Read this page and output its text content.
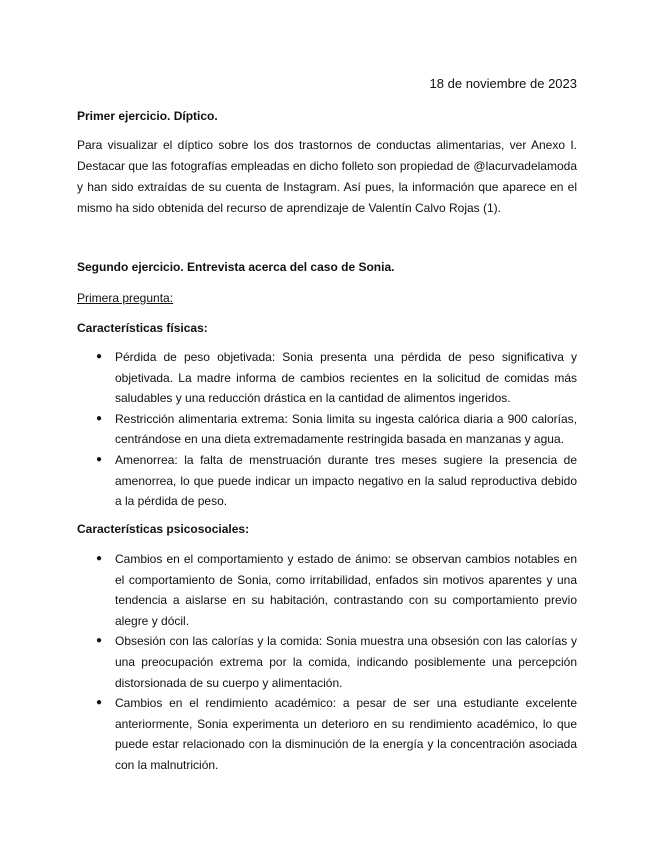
18 de noviembre de 2023
Primer ejercicio. Díptico.
Para visualizar el díptico sobre los dos trastornos de conductas alimentarias, ver Anexo I. Destacar que las fotografías empleadas en dicho folleto son propiedad de @lacurvadelamoda y han sido extraídas de su cuenta de Instagram. Así pues, la información que aparece en el mismo ha sido obtenida del recurso de aprendizaje de Valentín Calvo Rojas (1).
Segundo ejercicio. Entrevista acerca del caso de Sonia.
Primera pregunta:
Características físicas:
● Pérdida de peso objetivada: Sonia presenta una pérdida de peso significativa y objetivada. La madre informa de cambios recientes en la solicitud de comidas más saludables y una reducción drástica en la cantidad de alimentos ingeridos.
● Restricción alimentaria extrema: Sonia limita su ingesta calórica diaria a 900 calorías, centrándose en una dieta extremadamente restringida basada en manzanas y agua.
● Amenorrea: la falta de menstruación durante tres meses sugiere la presencia de amenorrea, lo que puede indicar un impacto negativo en la salud reproductiva debido a la pérdida de peso.
Características psicosociales:
● Cambios en el comportamiento y estado de ánimo: se observan cambios notables en el comportamiento de Sonia, como irritabilidad, enfados sin motivos aparentes y una tendencia a aislarse en su habitación, contrastando con su comportamiento previo alegre y dócil.
● Obsesión con las calorías y la comida: Sonia muestra una obsesión con las calorías y una preocupación extrema por la comida, indicando posiblemente una percepción distorsionada de su cuerpo y alimentación.
● Cambios en el rendimiento académico: a pesar de ser una estudiante excelente anteriormente, Sonia experimenta un deterioro en su rendimiento académico, lo que puede estar relacionado con la disminución de la energía y la concentración asociada con la malnutrición.
